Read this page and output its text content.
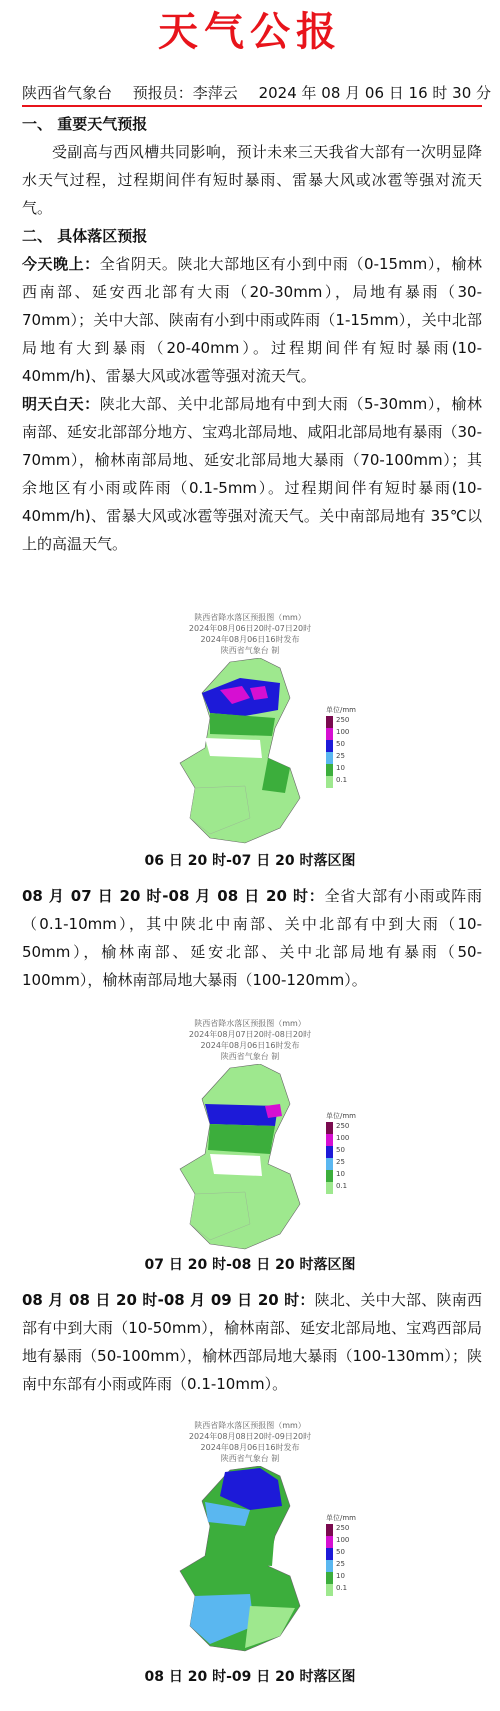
天气公报
陕西省气象台 预报员：李萍云 2024 年 08 月 06 日 16 时 30 分
一、 重要天气预报
受副高与西风槽共同影响，预计未来三天我省大部有一次明显降水天气过程，过程期间伴有短时暴雨、雷暴大风或冰雹等强对流天气。
二、 具体落区预报
今天晚上：全省阴天。陕北大部地区有小到中雨（0-15mm），榆林西南部、延安西北部有大雨（20-30mm），局地有暴雨（30-70mm）；关中大部、陕南有小到中雨或阵雨（1-15mm），关中北部局地有大到暴雨（20-40mm）。过程期间伴有短时暴雨(10-40mm/h)、雷暴大风或冰雹等强对流天气。
明天白天：陕北大部、关中北部局地有中到大雨（5-30mm），榆林南部、延安北部部分地方、宝鸡北部局地、咸阳北部局地有暴雨（30-70mm），榆林南部局地、延安北部局地大暴雨（70-100mm）；其余地区有小雨或阵雨（0.1-5mm）。过程期间伴有短时暴雨(10-40mm/h)、雷暴大风或冰雹等强对流天气。关中南部局地有 35℃以上的高温天气。
陕西省降水落区预报图（mm）
2024年08月06日20时-07日20时
2024年08月06日16时发布
陕西省气象台 制
单位/mm
250
100
50
25
10
0.1
06 日 20 时-07 日 20 时落区图
08 月 07 日 20 时-08 月 08 日 20 时：全省大部有小雨或阵雨（0.1-10mm），其中陕北中南部、关中北部有中到大雨（10-50mm），榆林南部、延安北部、关中北部局地有暴雨（50-100mm），榆林南部局地大暴雨（100-120mm）。
陕西省降水落区预报图（mm）
2024年08月07日20时-08日20时
2024年08月06日16时发布
陕西省气象台 制
单位/mm
250
100
50
25
10
0.1
07 日 20 时-08 日 20 时落区图
08 月 08 日 20 时-08 月 09 日 20 时：陕北、关中大部、陕南西部有中到大雨（10-50mm），榆林南部、延安北部局地、宝鸡西部局地有暴雨（50-100mm），榆林西部局地大暴雨（100-130mm）；陕南中东部有小雨或阵雨（0.1-10mm）。
陕西省降水落区预报图（mm）
2024年08月08日20时-09日20时
2024年08月06日16时发布
陕西省气象台 制
单位/mm
250
100
50
25
10
0.1
08 日 20 时-09 日 20 时落区图
